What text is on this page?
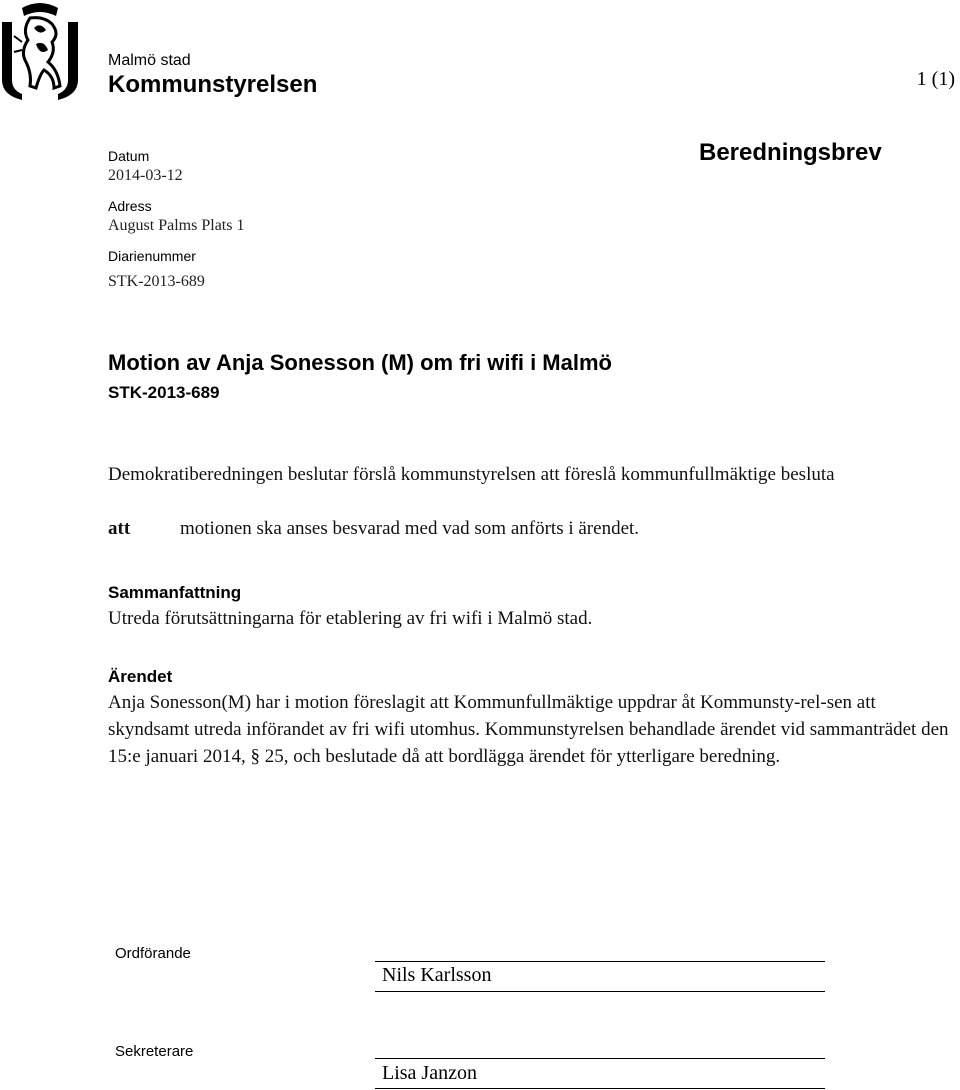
Malmö stad
Kommunstyrelsen	1 (1)
Datum
2014-03-12
Adress
August Palms Plats 1
Diarienummer
STK-2013-689
Beredningsbrev
Motion av Anja Sonesson (M) om fri wifi i Malmö
STK-2013-689
Demokratiberedningen beslutar förslå kommunstyrelsen att föreslå kommunfullmäktige besluta
att	motionen ska anses besvarad med vad som anförts i ärendet.
Sammanfattning
Utreda förutsättningarna för etablering av fri wifi i Malmö stad.
Ärendet
Anja Sonesson(M) har i motion föreslagit att Kommunfullmäktige uppdrar åt Kommunsty-rel-sen att skyndsamt utreda införandet av fri wifi utomhus. Kommunstyrelsen behandlade ärendet vid sammanträdet den 15:e januari 2014, § 25, och beslutade då att bordlägga ärendet för ytterligare beredning.
Ordförande
Nils Karlsson
Sekreterare
Lisa Janzon
